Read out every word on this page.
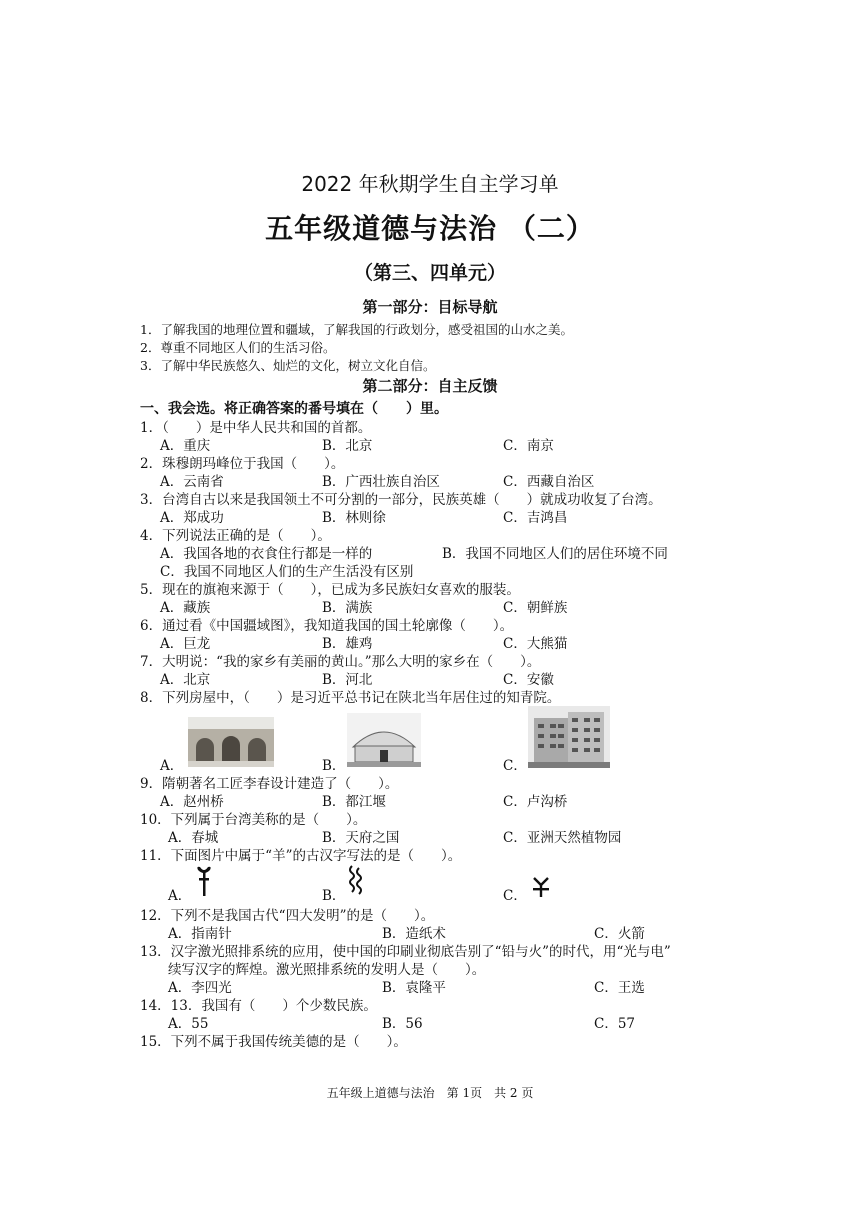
2022 年秋期学生自主学习单
五年级道德与法治 （二）
（第三、四单元）
第一部分：目标导航
1．了解我国的地理位置和疆域，了解我国的行政划分，感受祖国的山水之美。
2．尊重不同地区人们的生活习俗。
3．了解中华民族悠久、灿烂的文化，树立文化自信。
第二部分：自主反馈
一、我会选。将正确答案的番号填在（　　）里。
1．（　　）是中华人民共和国的首都。
A．重庆	B．北京	C．南京
2．珠穆朗玛峰位于我国（　　）。
A．云南省	B．广西壮族自治区	C．西藏自治区
3．台湾自古以来是我国领土不可分割的一部分，民族英雄（　　）就成功收复了台湾。
A．郑成功	B．林则徐	C．吉鸿昌
4．下列说法正确的是（　　）。
A．我国各地的衣食住行都是一样的	B．我国不同地区人们的居住环境不同
C．我国不同地区人们的生产生活没有区别
5．现在的旗袍来源于（　　），已成为多民族妇女喜欢的服装。
A．藏族	B．满族	C．朝鲜族
6．通过看《中国疆域图》，我知道我国的国土轮廓像（　　）。
A．巨龙	B．雄鸡	C．大熊猫
7．大明说：“我的家乡有美丽的黄山。”那么大明的家乡在（　　）。
A．北京	B．河北	C．安徽
8．下列房屋中，（　　）是习近平总书记在陕北当年居住过的知青院。
A．	B．	C．
9．隋朝著名工匠李春设计建造了（　　）。
A．赵州桥	B．都江堰	C．卢沟桥
10．下列属于台湾美称的是（　　）。
A．春城	B．天府之国	C．亚洲天然植物园
11．下面图片中属于“羊”的古汉字写法的是（　　）。
A．	B．	C．
12．下列不是我国古代“四大发明”的是（　　）。
A．指南针	B．造纸术	C．火箭
13．汉字激光照排系统的应用，使中国的印刷业彻底告别了“铅与火”的时代，用“光与电”
续写汉字的辉煌。激光照排系统的发明人是（　　）。
A．李四光	B．袁隆平	C．王选
14．13．我国有（　　）个少数民族。
A．55	B．56	C．57
15．下列不属于我国传统美德的是（　　）。
五年级上道德与法治　第 1页　共 2 页
